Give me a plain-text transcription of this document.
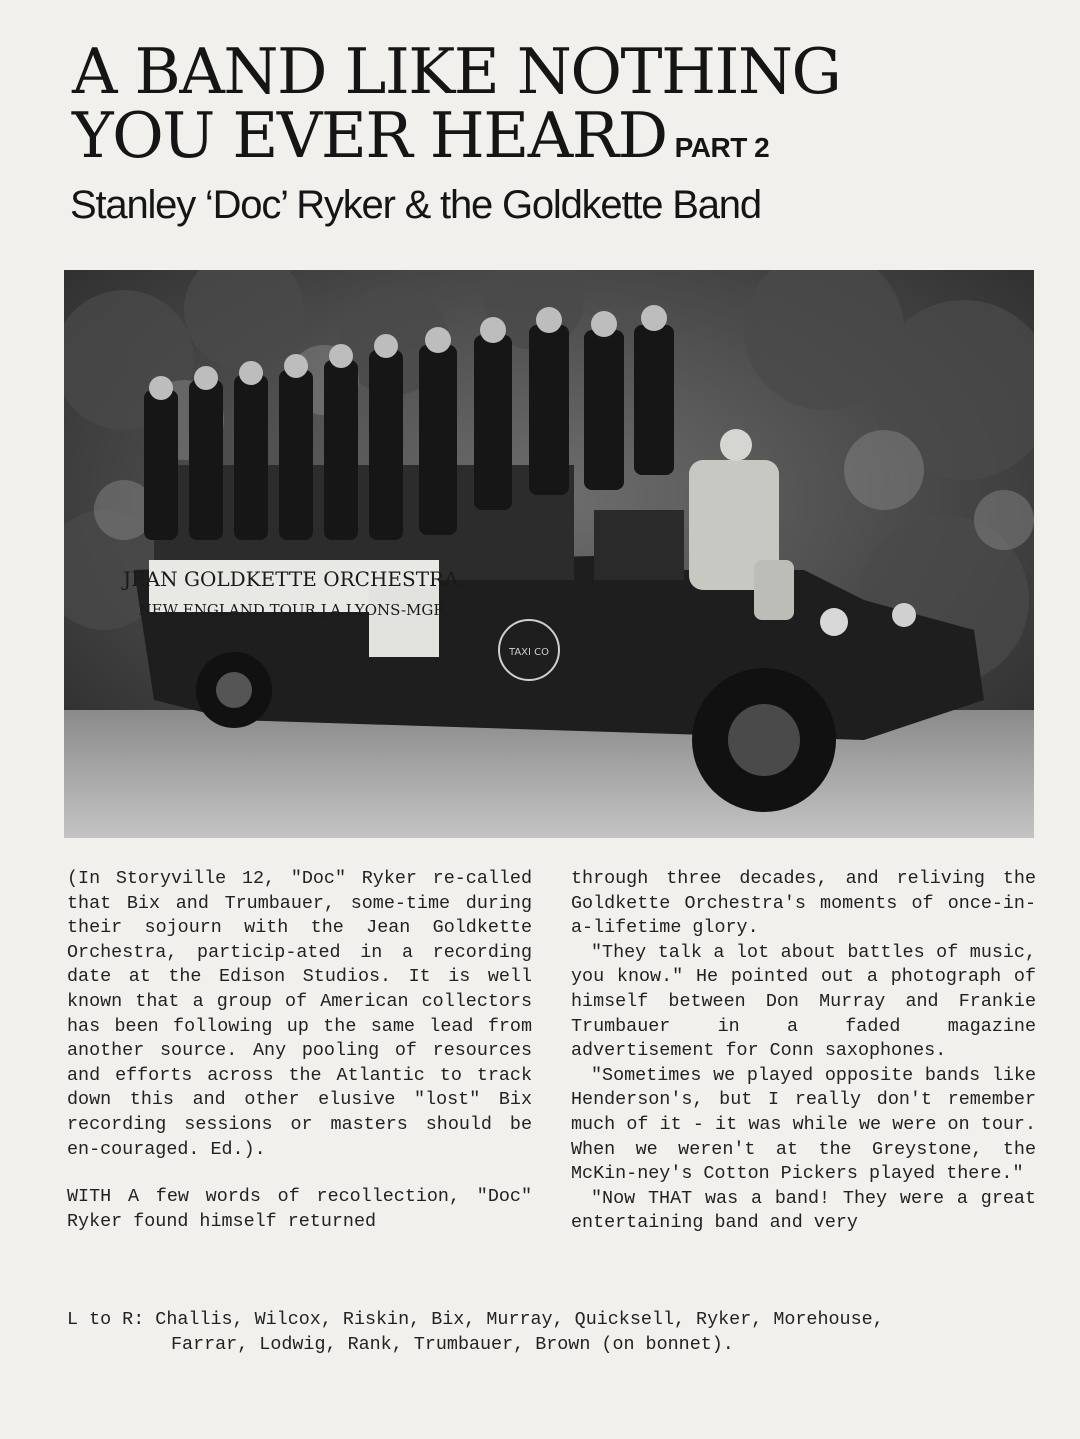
A BAND LIKE NOTHING
YOU EVER HEARD PART 2
Stanley ‘Doc’ Ryker & the Goldkette Band
JEAN GOLDKETTE ORCHESTRA.
NEW ENGLAND TOUR J.A.LYONS-MGR.
TAXI CO

(In Storyville 12, "Doc" Ryker re-called that Bix and Trumbauer, some-time during their sojourn with the Jean Goldkette Orchestra, particip-ated in a recording date at the Edison Studios. It is well known that a group of American collectors has been following up the same lead from another source. Any pooling of resources and efforts across the Atlantic to track down this and other elusive "lost" Bix recording sessions or masters should be en-couraged. Ed.).

WITH A few words of recollection, "Doc" Ryker found himself returned

through three decades, and reliving the Goldkette Orchestra's moments of once-in-a-lifetime glory.

"They talk a lot about battles of music, you know." He pointed out a photograph of himself between Don Murray and Frankie Trumbauer in a faded magazine advertisement for Conn saxophones.

"Sometimes we played opposite bands like Henderson's, but I really don't remember much of it - it was while we were on tour. When we weren't at the Greystone, the McKin-ney's Cotton Pickers played there."

"Now THAT was a band! They were a great entertaining band and very

L to R: Challis, Wilcox, Riskin, Bix, Murray, Quicksell, Ryker, Morehouse,
Farrar, Lodwig, Rank, Trumbauer, Brown (on bonnet).
